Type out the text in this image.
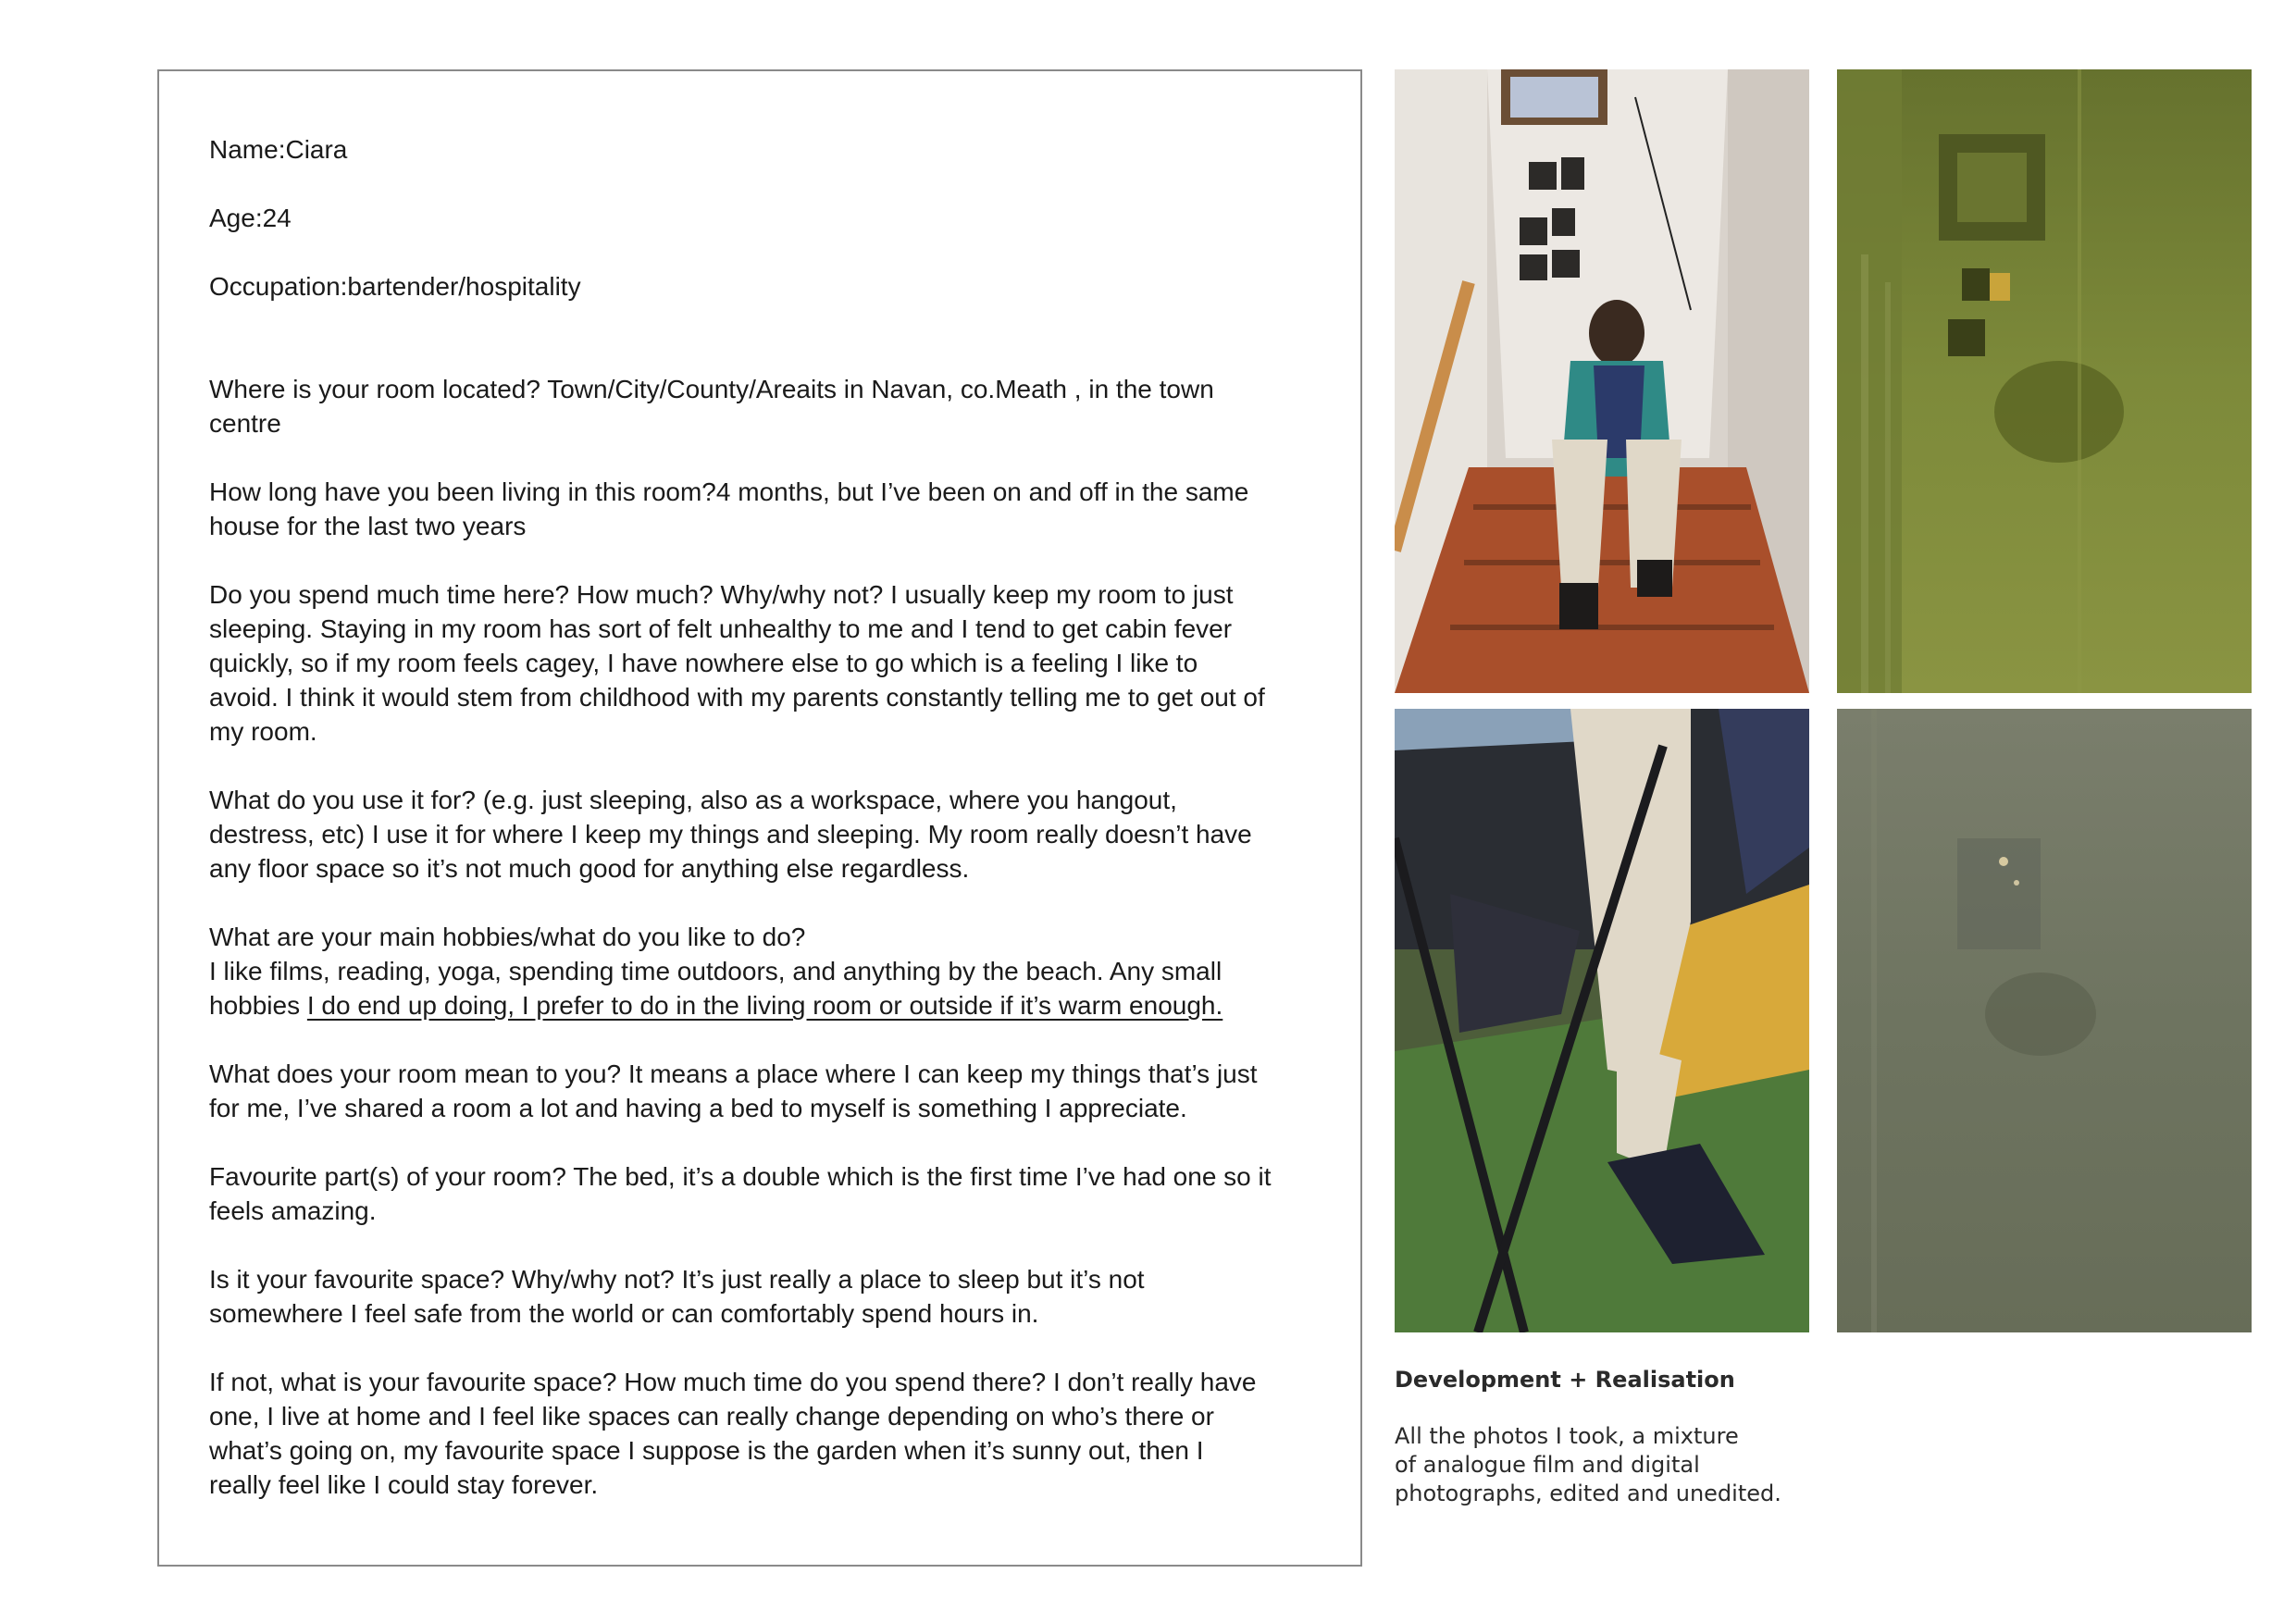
Name:Ciara

Age:24

Occupation:bartender/hospitality

Where is your room located? Town/City/County/Areaits in Navan, co.Meath , in the town

centre

How long have you been living in this room?4 months, but I’ve been on and off in the same

house for the last two years

Do you spend much time here? How much? Why/why not? I usually keep my room to just

sleeping. Staying in my room has sort of felt unhealthy to me and I tend to get cabin fever

quickly, so if my room feels cagey, I have nowhere else to go which is a feeling I like to

avoid. I think it would stem from childhood with my parents constantly telling me to get out of

my room.

What do you use it for? (e.g. just sleeping, also as a workspace, where you hangout,

destress, etc) I use it for where I keep my things and sleeping. My room really doesn’t have

any floor space so it’s not much good for anything else regardless.

What are your main hobbies/what do you like to do?

I like films, reading, yoga, spending time outdoors, and anything by the beach. Any small

hobbies I do end up doing, I prefer to do in the living room or outside if it’s warm enough.

What does your room mean to you? It means a place where I can keep my things that’s just

for me, I’ve shared a room a lot and having a bed to myself is something I appreciate.

Favourite part(s) of your room? The bed, it’s a double which is the first time I’ve had one so it

feels amazing.

Is it your favourite space? Why/why not? It’s just really a place to sleep but it’s not

somewhere I feel safe from the world or can comfortably spend hours in.

If not, what is your favourite space? How much time do you spend there? I don’t really have

one, I live at home and I feel like spaces can really change depending on who’s there or

what’s going on, my favourite space I suppose is the garden when it’s sunny out, then I

really feel like I could stay forever.

Development + Realisation
All the photos I took, a mixture
of analogue film and digital
photographs, edited and unedited.
